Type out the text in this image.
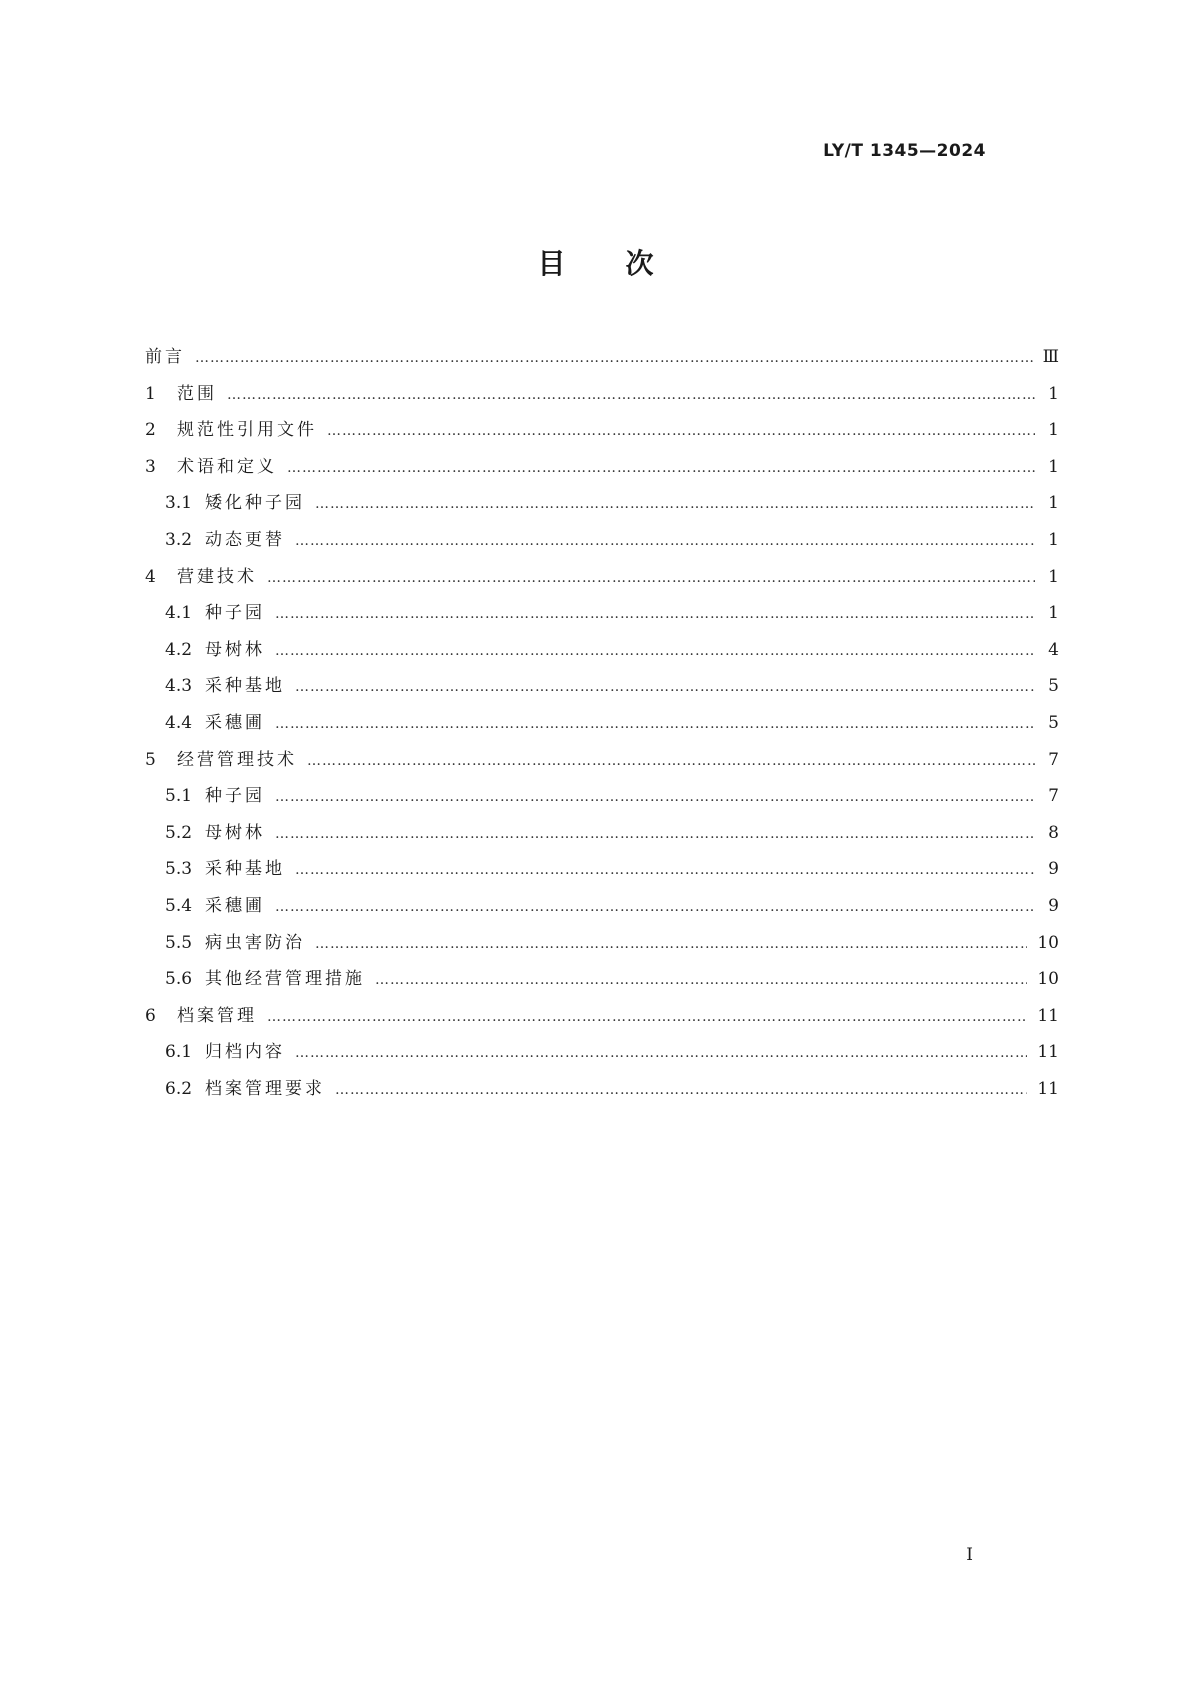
LY/T 1345—2024
目次
前言 ……………………………………………………………………………………………………………………………………………………………………………………………………………………	Ⅲ
1	范围 ……………………………………………………………………………………………………………………………………………………………………………………………………………………	1
2	规范性引用文件 ……………………………………………………………………………………………………………………………………………………………………………………………………………………	1
3	术语和定义 ……………………………………………………………………………………………………………………………………………………………………………………………………………………	1
3.1 矮化种子园 ……………………………………………………………………………………………………………………………………………………………………………………………………………………	1
3.2 动态更替 ……………………………………………………………………………………………………………………………………………………………………………………………………………………	1
4	营建技术 ……………………………………………………………………………………………………………………………………………………………………………………………………………………	1
4.1 种子园 ……………………………………………………………………………………………………………………………………………………………………………………………………………………	1
4.2 母树林 ……………………………………………………………………………………………………………………………………………………………………………………………………………………	4
4.3 采种基地 ……………………………………………………………………………………………………………………………………………………………………………………………………………………	5
4.4 采穗圃 ……………………………………………………………………………………………………………………………………………………………………………………………………………………	5
5	经营管理技术 ……………………………………………………………………………………………………………………………………………………………………………………………………………………	7
5.1 种子园 ……………………………………………………………………………………………………………………………………………………………………………………………………………………	7
5.2 母树林 ……………………………………………………………………………………………………………………………………………………………………………………………………………………	8
5.3 采种基地 ……………………………………………………………………………………………………………………………………………………………………………………………………………………	9
5.4 采穗圃 ……………………………………………………………………………………………………………………………………………………………………………………………………………………	9
5.5 病虫害防治 ……………………………………………………………………………………………………………………………………………………………………………………………………………………	10
5.6 其他经营管理措施 ……………………………………………………………………………………………………………………………………………………………………………………………………………………	10
6	档案管理 ……………………………………………………………………………………………………………………………………………………………………………………………………………………	11
6.1 归档内容 ……………………………………………………………………………………………………………………………………………………………………………………………………………………	11
6.2 档案管理要求 ……………………………………………………………………………………………………………………………………………………………………………………………………………………	11
I
